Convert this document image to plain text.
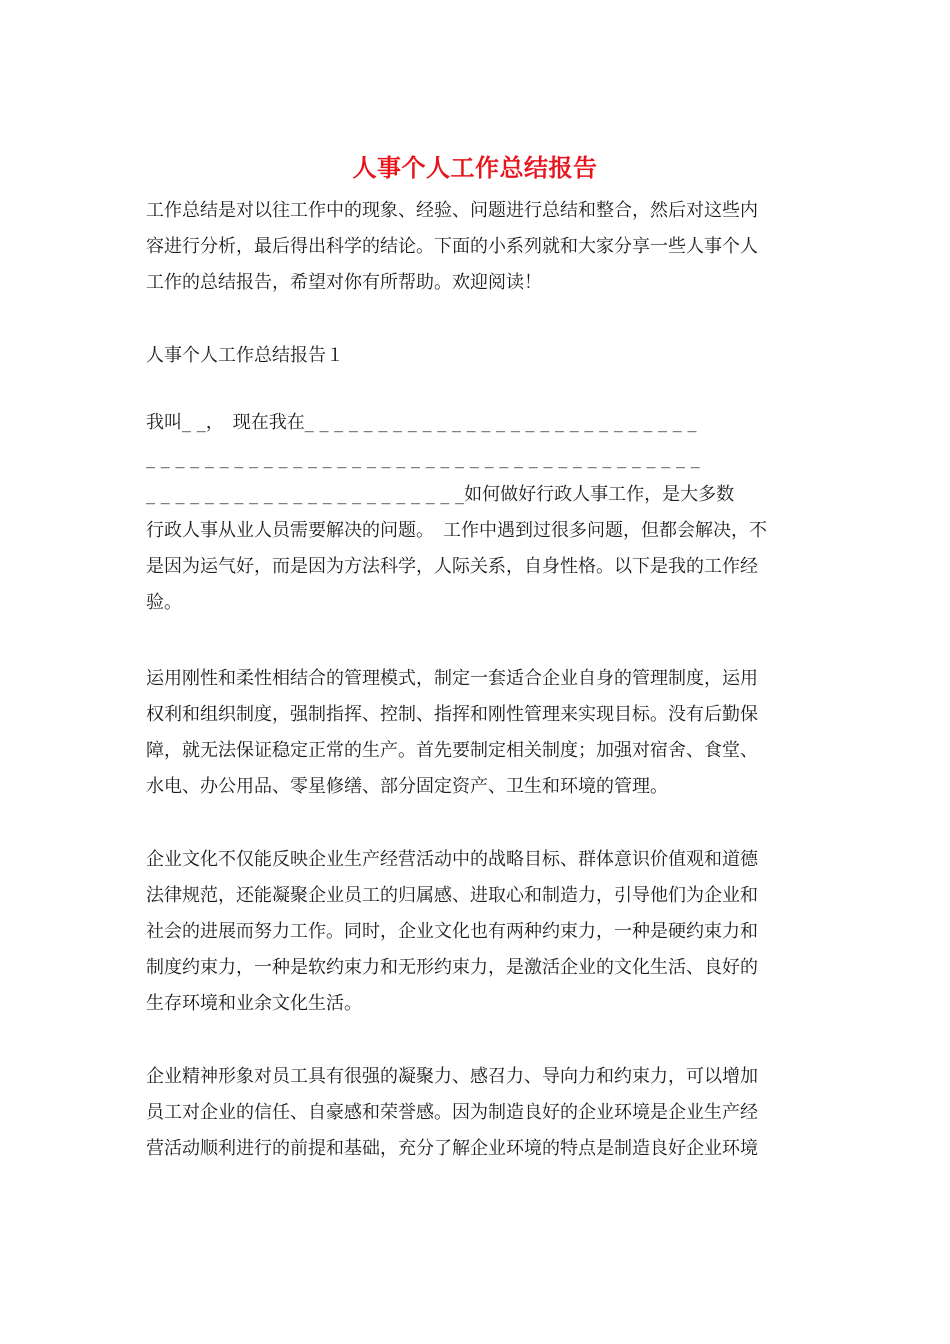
人事个人工作总结报告
工作总结是对以往工作中的现象、经验、问题进行总结和整合，然后对这些内
容进行分析，最后得出科学的结论。下面的小系列就和大家分享一些人事个人
工作的总结报告，希望对你有所帮助。欢迎阅读！
人事个人工作总结报告１
我叫_ _，　现在我在_ _ _ _ _ _ _ _ _ _ _ _ _ _ _ _ _ _ _ _ _ _ _ _ _ _ _
_ _ _ _ _ _ _ _ _ _ _ _ _ _ _ _ _ _ _ _ _ _ _ _ _ _ _ _ _ _ _ _ _ _ _ _ _ _
_ _ _ _ _ _ _ _ _ _ _ _ _ _ _ _ _ _ _ _ _ _如何做好行政人事工作，是大多数
行政人事从业人员需要解决的问题。　工作中遇到过很多问题，但都会解决，不
是因为运气好，而是因为方法科学，人际关系，自身性格。以下是我的工作经
验。
运用刚性和柔性相结合的管理模式，制定一套适合企业自身的管理制度，运用
权利和组织制度，强制指挥、控制、指挥和刚性管理来实现目标。没有后勤保
障，就无法保证稳定正常的生产。首先要制定相关制度；加强对宿舍、食堂、
水电、办公用品、零星修缮、部分固定资产、卫生和环境的管理。
企业文化不仅能反映企业生产经营活动中的战略目标、群体意识价值观和道德
法律规范，还能凝聚企业员工的归属感、进取心和制造力，引导他们为企业和
社会的进展而努力工作。同时，企业文化也有两种约束力，一种是硬约束力和
制度约束力，一种是软约束力和无形约束力，是激活企业的文化生活、良好的
生存环境和业余文化生活。
企业精神形象对员工具有很强的凝聚力、感召力、导向力和约束力，可以增加
员工对企业的信任、自豪感和荣誉感。因为制造良好的企业环境是企业生产经
营活动顺利进行的前提和基础，充分了解企业环境的特点是制造良好企业环境
